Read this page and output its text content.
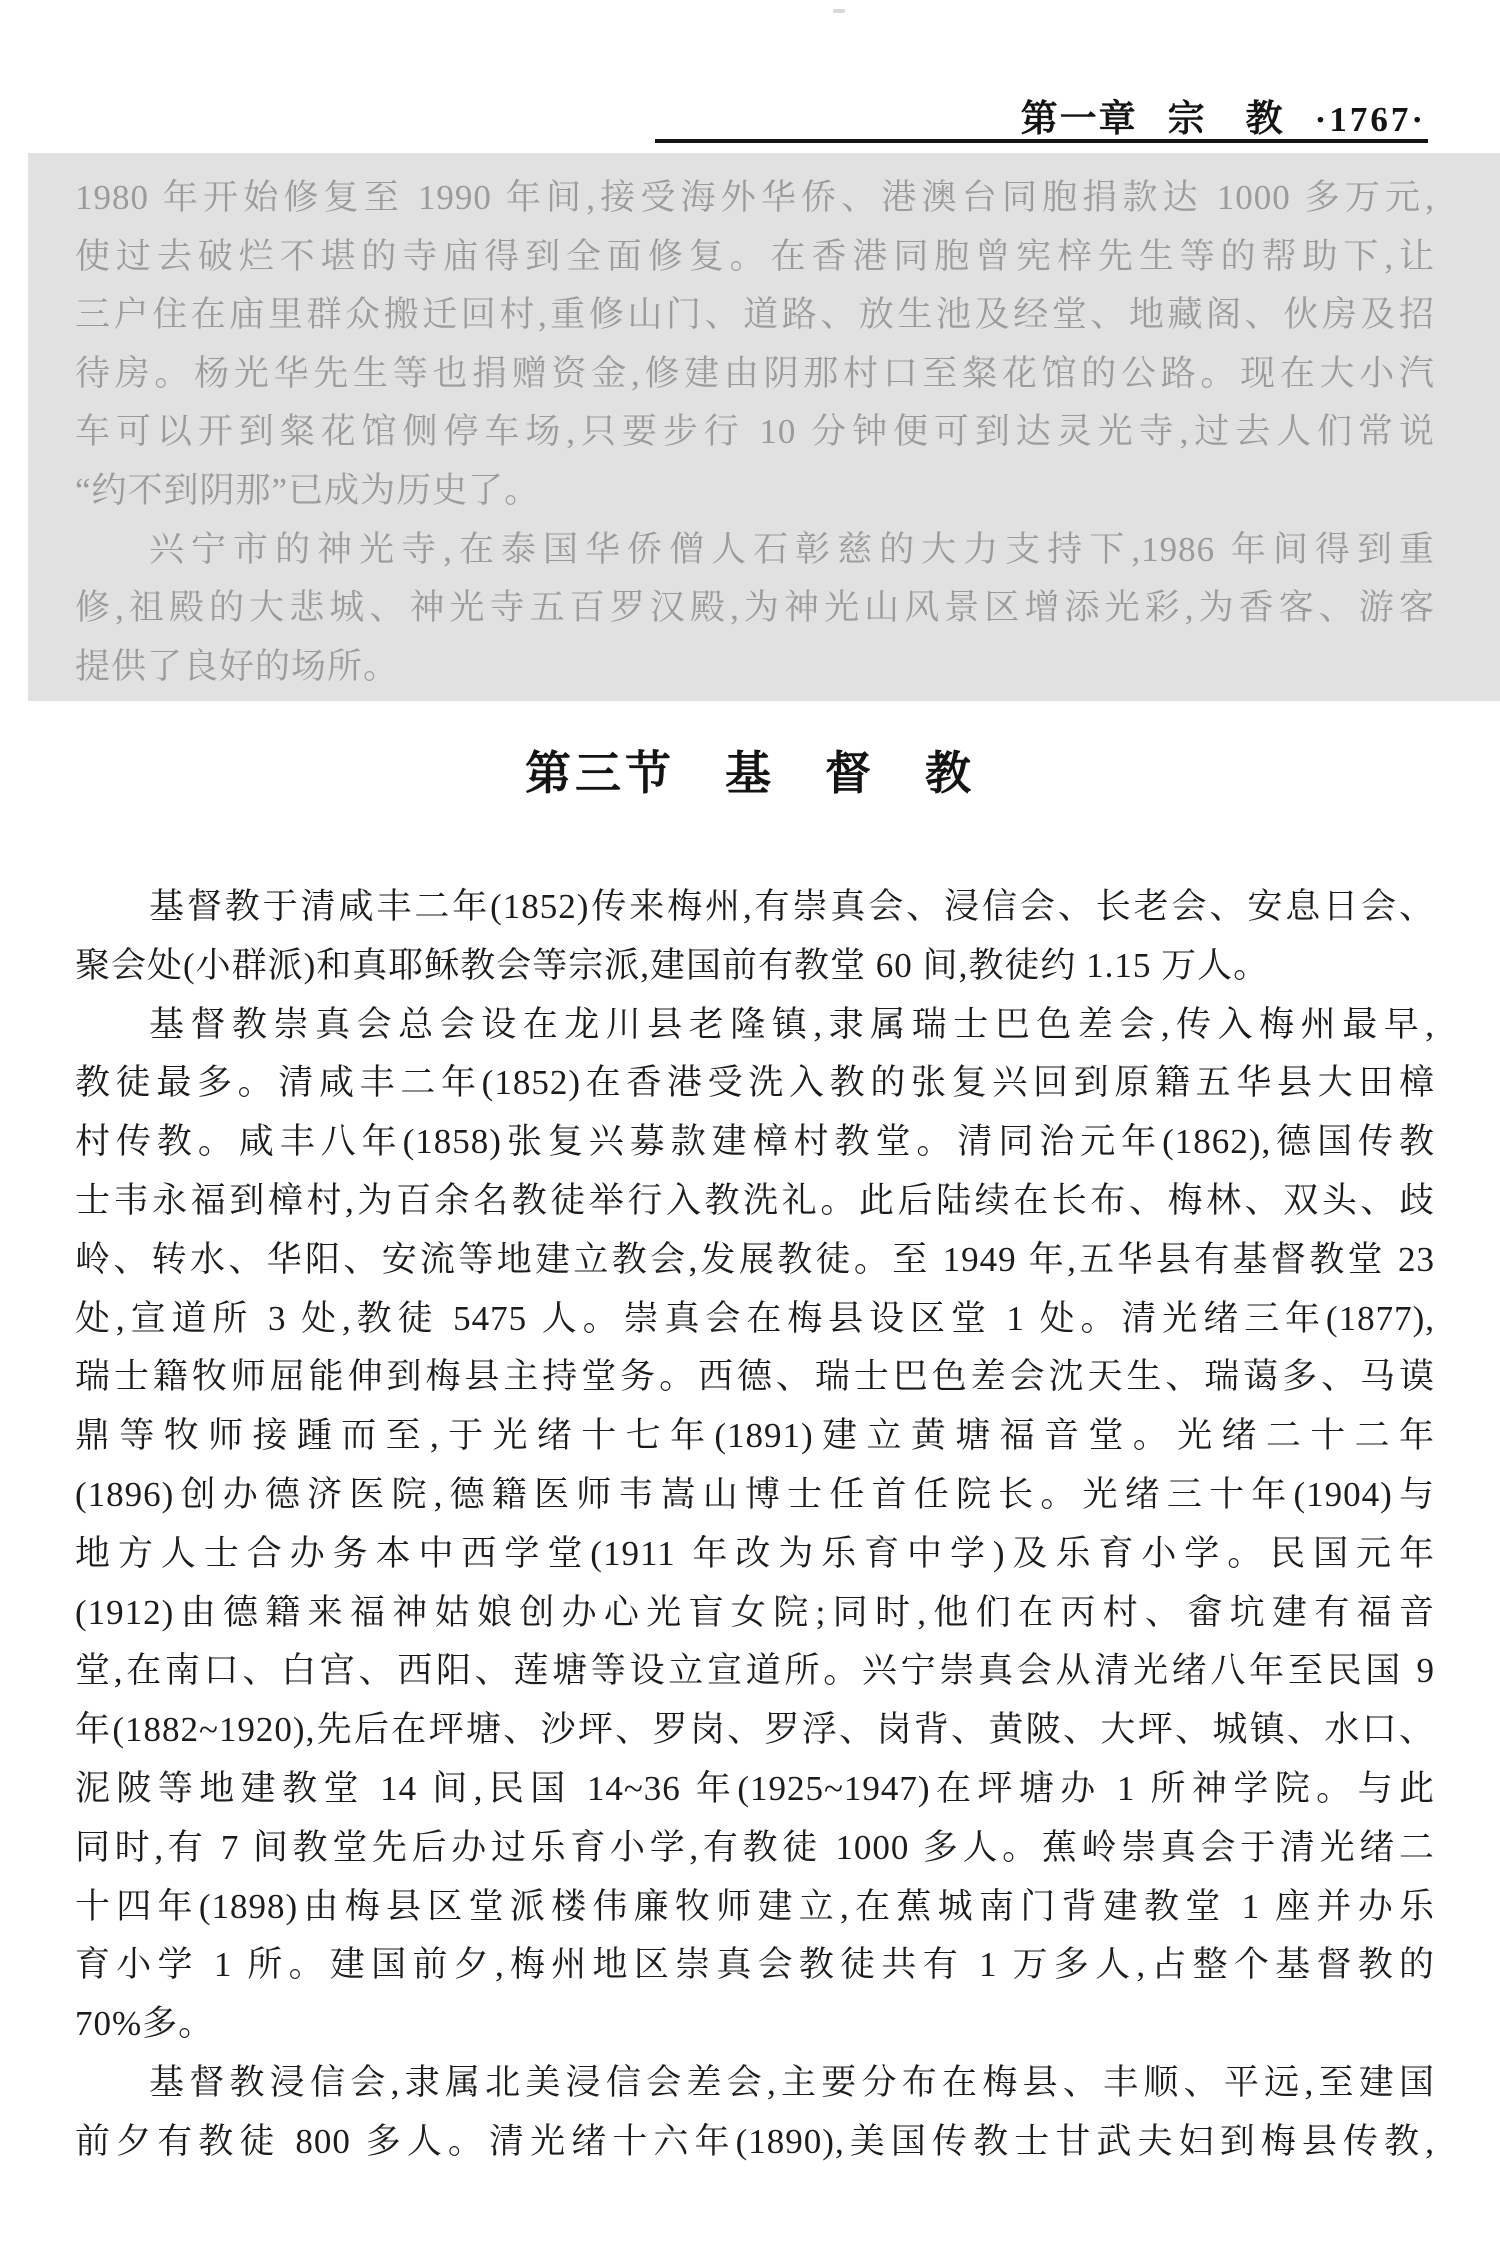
第一章 宗　教 ·1767·

1980 年开始修复至 1990 年间,接受海外华侨、港澳台同胞捐款达 1000 多万元,

使过去破烂不堪的寺庙得到全面修复。在香港同胞曾宪梓先生等的帮助下,让

三户住在庙里群众搬迁回村,重修山门、道路、放生池及经堂、地藏阁、伙房及招

待房。杨光华先生等也捐赠资金,修建由阴那村口至粲花馆的公路。现在大小汽

车可以开到粲花馆侧停车场,只要步行 10 分钟便可到达灵光寺,过去人们常说

“约不到阴那”已成为历史了。

兴宁市的神光寺,在泰国华侨僧人石彰慈的大力支持下,1986 年间得到重

修,祖殿的大悲城、神光寺五百罗汉殿,为神光山风景区增添光彩,为香客、游客

提供了良好的场所。

第三节　基　督　教

基督教于清咸丰二年(1852)传来梅州,有崇真会、浸信会、长老会、安息日会、

聚会处(小群派)和真耶稣教会等宗派,建国前有教堂 60 间,教徒约 1.15 万人。

基督教崇真会总会设在龙川县老隆镇,隶属瑞士巴色差会,传入梅州最早,

教徒最多。清咸丰二年(1852)在香港受洗入教的张复兴回到原籍五华县大田樟

村传教。咸丰八年(1858)张复兴募款建樟村教堂。清同治元年(1862),德国传教

士韦永福到樟村,为百余名教徒举行入教洗礼。此后陆续在长布、梅林、双头、歧

岭、转水、华阳、安流等地建立教会,发展教徒。至 1949 年,五华县有基督教堂 23

处,宣道所 3 处,教徒 5475 人。崇真会在梅县设区堂 1 处。清光绪三年(1877),

瑞士籍牧师屈能伸到梅县主持堂务。西德、瑞士巴色差会沈天生、瑞蔼多、马谟

鼎等牧师接踵而至,于光绪十七年(1891)建立黄塘福音堂。光绪二十二年

(1896)创办德济医院,德籍医师韦嵩山博士任首任院长。光绪三十年(1904)与

地方人士合办务本中西学堂(1911 年改为乐育中学)及乐育小学。民国元年

(1912)由德籍来福神姑娘创办心光盲女院;同时,他们在丙村、畲坑建有福音

堂,在南口、白宫、西阳、莲塘等设立宣道所。兴宁崇真会从清光绪八年至民国 9

年(1882~1920),先后在坪塘、沙坪、罗岗、罗浮、岗背、黄陂、大坪、城镇、水口、

泥陂等地建教堂 14 间,民国 14~36 年(1925~1947)在坪塘办 1 所神学院。与此

同时,有 7 间教堂先后办过乐育小学,有教徒 1000 多人。蕉岭崇真会于清光绪二

十四年(1898)由梅县区堂派楼伟廉牧师建立,在蕉城南门背建教堂 1 座并办乐

育小学 1 所。建国前夕,梅州地区崇真会教徒共有 1 万多人,占整个基督教的

70%多。

基督教浸信会,隶属北美浸信会差会,主要分布在梅县、丰顺、平远,至建国

前夕有教徒 800 多人。清光绪十六年(1890),美国传教士甘武夫妇到梅县传教,
